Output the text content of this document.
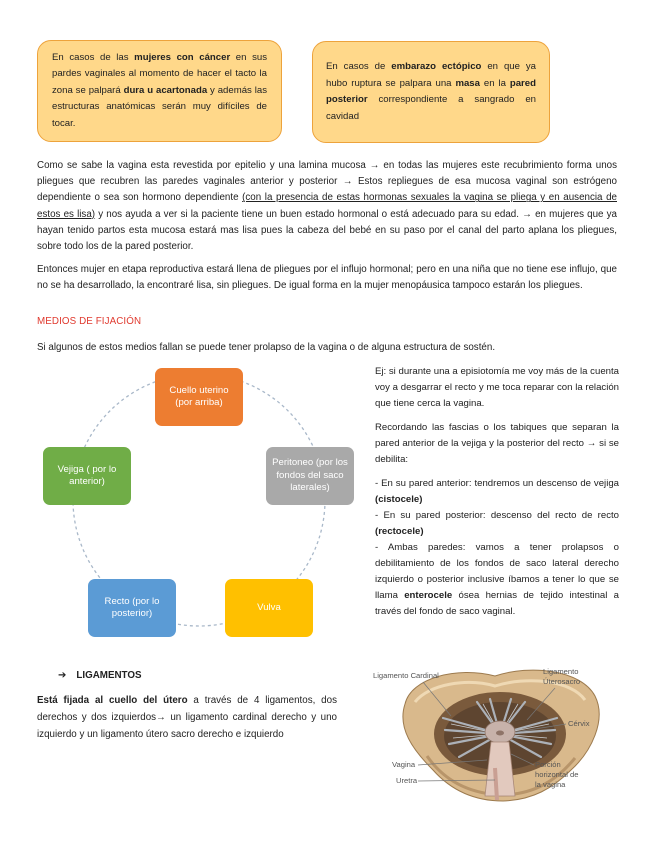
En casos de las mujeres con cáncer en sus pardes vaginales al momento de hacer el tacto la zona se palpará dura u acartonada y además las estructuras anatómicas serán muy difíciles de tocar.
En casos de embarazo ectópico en que ya hubo ruptura se palpara una masa en la pared posterior correspondiente a sangrado en cavidad

Como se sabe la vagina esta revestida por epitelio y una lamina mucosa → en todas las mujeres este recubrimiento forma unos pliegues que recubren las paredes vaginales anterior y posterior → Estos repliegues de esa mucosa vaginal son estrógeno dependiente o sea son hormono dependiente (con la presencia de estas hormonas sexuales la vagina se pliega y en ausencia de estos es lisa) y nos ayuda a ver si la paciente tiene un buen estado hormonal o está adecuado para su edad. → en mujeres que ya hayan tenido partos esta mucosa estará mas lisa pues la cabeza del bebé en su paso por el canal del parto aplana los pliegues, sobre todo los de la pared posterior.

Entonces mujer en etapa reproductiva estará llena de pliegues por el influjo hormonal; pero en una niña que no tiene ese influjo, que no se ha desarrollado, la encontraré lisa, sin pliegues. De igual forma en la mujer menopáusica tampoco estarán los pliegues.

MEDIOS DE FIJACIÓN

Si algunos de estos medios fallan se puede tener prolapso de la vagina o de alguna estructura de sostén.

Cuello uterino (por arriba)
Peritoneo (por los fondos del saco laterales)
Vulva
Recto (por lo posterior)
Vejiga ( por lo anterior)

Ej: si durante una a episiotomía me voy más de la cuenta voy a desgarrar el recto y me toca reparar con la relación que tiene cerca la vagina.

Recordando las fascias o los tabiques que separan la pared anterior de la vejiga y la posterior del recto → si se debilita:

- En su pared anterior: tendremos un descenso de vejiga (cistocele)
- En su pared posterior: descenso del recto de recto (rectocele)
- Ambas paredes: vamos a tener prolapsos o debilitamiento de los fondos de saco lateral derecho izquierdo o posterior inclusive íbamos a tener lo que se llama enterocele ósea hernias de tejido intestinal a través del fondo de saco vaginal.
➔ LIGAMENTOS

Está fijada al cuello del útero a través de 4 ligamentos, dos derechos y dos izquierdos→ un ligamento cardinal derecho y uno izquierdo y un ligamento útero sacro derecho e izquierdo

Ligamento Cardinal	Ligamento Úterosacro
Cérvix
Vagina
Uretra
Porción horizontal de la vagina
